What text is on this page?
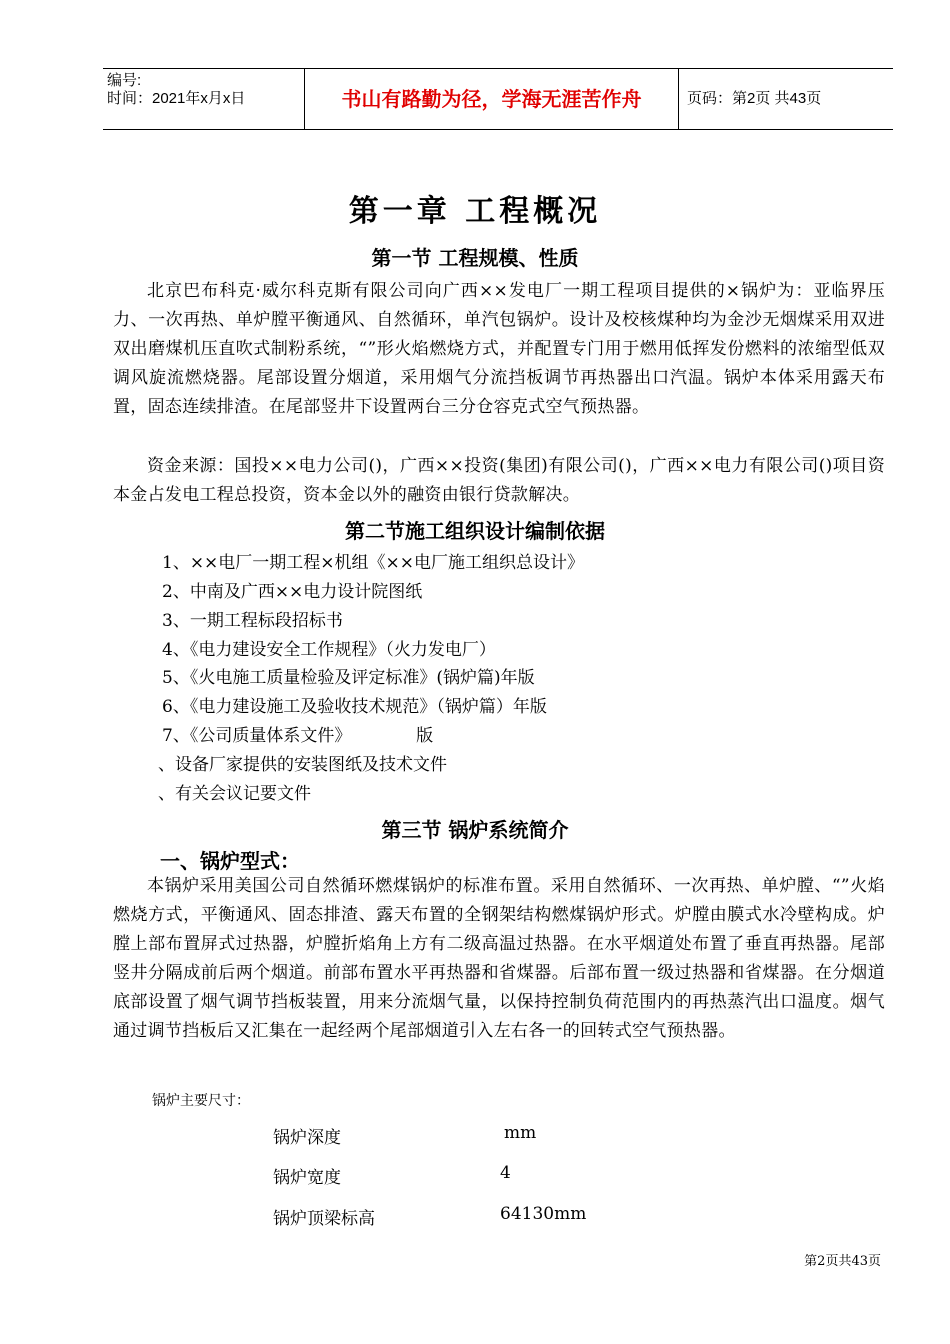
编号:
时间：2021年x月x日	书山有路勤为径，学海无涯苦作舟	页码：第2页 共43页
第一章 工程概况
第一节 工程规模、性质
北京巴布科克·威尔科克斯有限公司向广西××发电厂一期工程项目提供的×锅炉为：亚临界压力、一次再热、单炉膛平衡通风、自然循环，单汽包锅炉。设计及校核煤种均为金沙无烟煤采用双进双出磨煤机压直吹式制粉系统，“”形火焰燃烧方式，并配置专门用于燃用低挥发份燃料的浓缩型低双调风旋流燃烧器。尾部设置分烟道，采用烟气分流挡板调节再热器出口汽温。锅炉本体采用露天布置，固态连续排渣。在尾部竖井下设置两台三分仓容克式空气预热器。
资金来源：国投××电力公司()，广西××投资(集团)有限公司()，广西××电力有限公司()项目资本金占发电工程总投资，资本金以外的融资由银行贷款解决。
第二节施工组织设计编制依据
1、××电厂一期工程×机组《××电厂施工组织总设计》
2、中南及广西××电力设计院图纸
3、一期工程标段招标书
4、《电力建设安全工作规程》（火力发电厂）
5、《火电施工质量检验及评定标准》(锅炉篇)年版
6、《电力建设施工及验收技术规范》（锅炉篇）年版
7、《公司质量体系文件》            版
、设备厂家提供的安装图纸及技术文件
、有关会议记要文件
第三节 锅炉系统简介
一、锅炉型式：
本锅炉采用美国公司自然循环燃煤锅炉的标准布置。采用自然循环、一次再热、单炉膛、“”火焰燃烧方式，平衡通风、固态排渣、露天布置的全钢架结构燃煤锅炉形式。炉膛由膜式水冷壁构成。炉膛上部布置屏式过热器，炉膛折焰角上方有二级高温过热器。在水平烟道处布置了垂直再热器。尾部竖井分隔成前后两个烟道。前部布置水平再热器和省煤器。后部布置一级过热器和省煤器。在分烟道底部设置了烟气调节挡板装置，用来分流烟气量，以保持控制负荷范围内的再热蒸汽出口温度。烟气通过调节挡板后又汇集在一起经两个尾部烟道引入左右各一的回转式空气预热器。
锅炉主要尺寸：
锅炉深度	mm
锅炉宽度	4
锅炉顶梁标高	64130mm
第2页共43页
